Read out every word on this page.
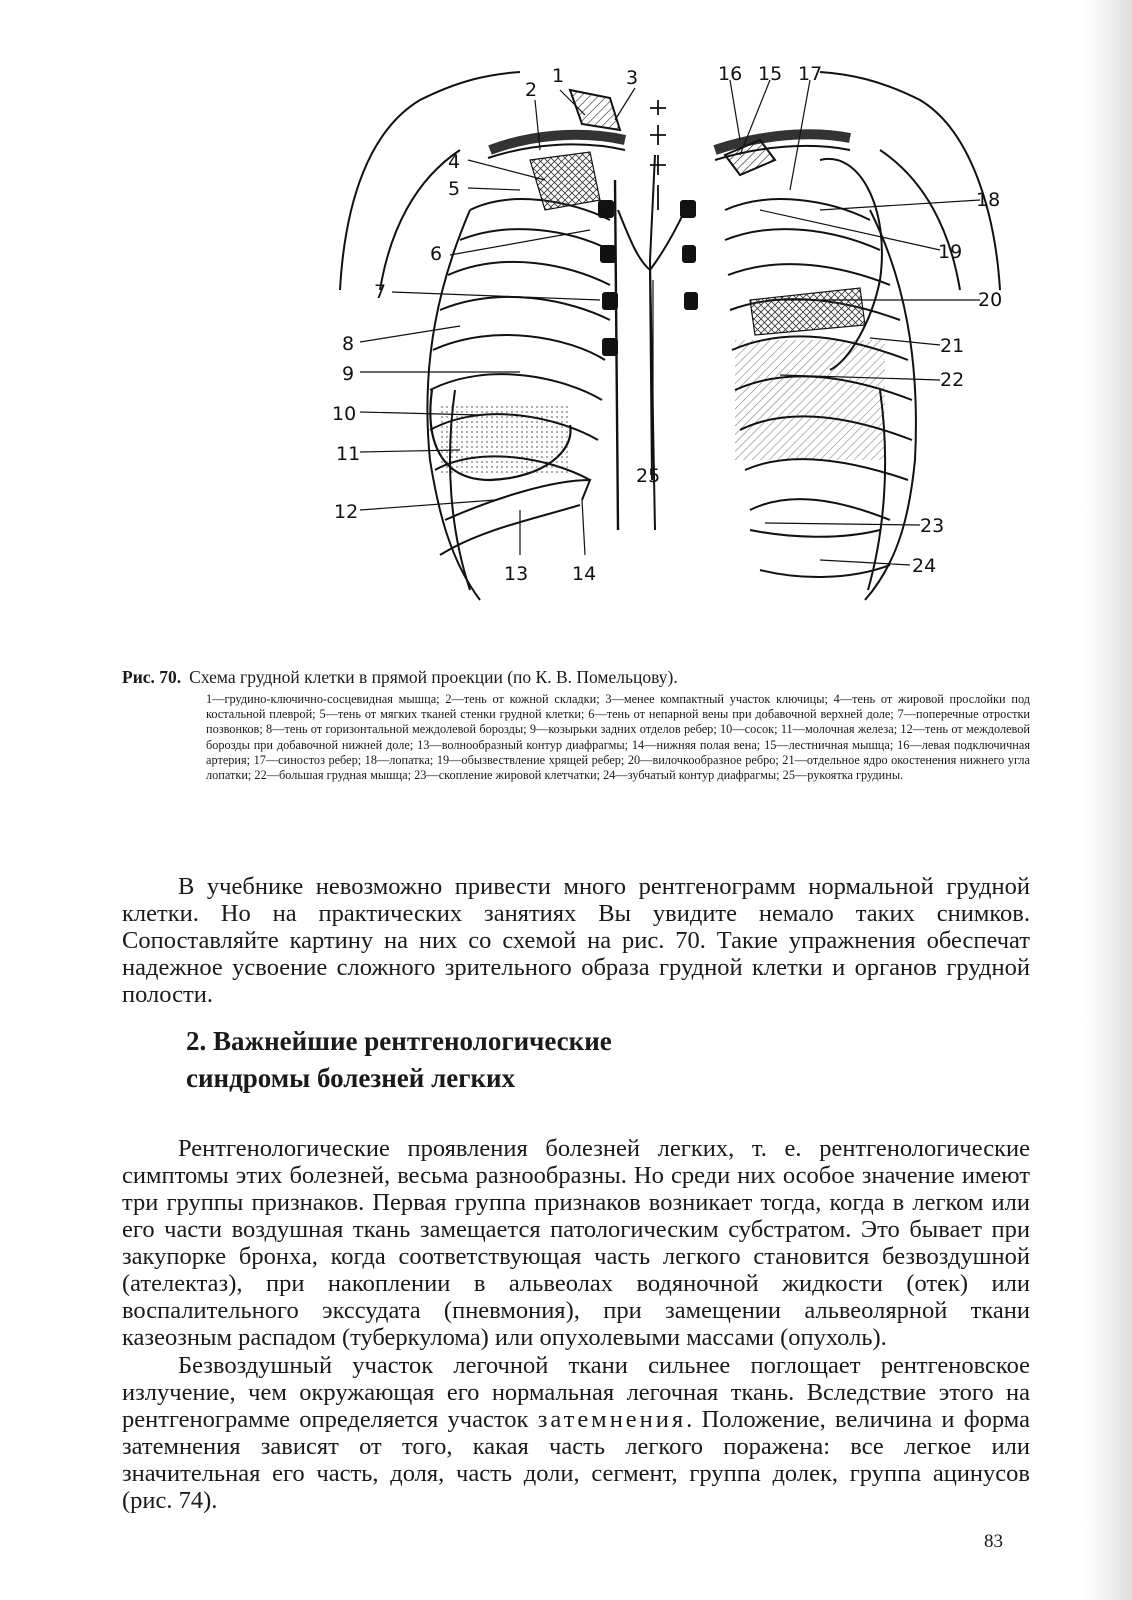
1
2
3
4
5
6
7
8
9
10
11
12
13 14
16 15 17
18
19
20
21
22
23
24
25

Рис. 70. Схема грудной клетки в прямой проекции (по К. В. Помельцову).

1—грудино-ключично-сосцевидная мышца; 2—тень от кожной складки; 3—менее компактный участок ключицы; 4—тень от жировой прослойки под костальной плеврой; 5—тень от мягких тканей стенки грудной клетки; 6—тень от непарной вены при добавочной верхней доле; 7—поперечные отростки позвонков; 8—тень от горизонтальной междолевой борозды; 9—козырьки задних отделов ребер; 10—сосок; 11—молочная железа; 12—тень от междолевой борозды при добавочной нижней доле; 13—волнообразный контур диафрагмы; 14—нижняя полая вена; 15—лестничная мышца; 16—левая подключичная артерия; 17—синостоз ребер; 18—лопатка; 19—обызвествление хрящей ребер; 20—вилочкообразное ребро; 21—отдельное ядро окостенения нижнего угла лопатки; 22—большая грудная мышца; 23—скопление жировой клетчатки; 24—зубчатый контур диафрагмы; 25—рукоятка грудины.

В учебнике невозможно привести много рентгенограмм нормальной грудной клетки. Но на практических занятиях Вы увидите немало таких снимков. Сопоставляйте картину на них со схемой на рис. 70. Такие упражнения обеспечат надежное усвоение сложного зрительного образа грудной клетки и органов грудной полости.

2. Важнейшие рентгенологические
синдромы болезней легких

Рентгенологические проявления болезней легких, т. е. рентгенологические симптомы этих болезней, весьма разнообразны. Но среди них особое значение имеют три группы признаков. Первая группа признаков возникает тогда, когда в легком или его части воздушная ткань замещается патологическим субстратом. Это бывает при закупорке бронха, когда соответствующая часть легкого становится безвоздушной (ателектаз), при накоплении в альвеолах водяночной жидкости (отек) или воспалительного экссудата (пневмония), при замещении альвеолярной ткани казеозным распадом (туберкулома) или опухолевыми массами (опухоль).

Безвоздушный участок легочной ткани сильнее поглощает рентгеновское излучение, чем окружающая его нормальная легочная ткань. Вследствие этого на рентгенограмме определяется участок затемнения. Положение, величина и форма затемнения зависят от того, какая часть легкого поражена: все легкое или значительная его часть, доля, часть доли, сегмент, группа долек, группа ацинусов (рис. 74).

83
